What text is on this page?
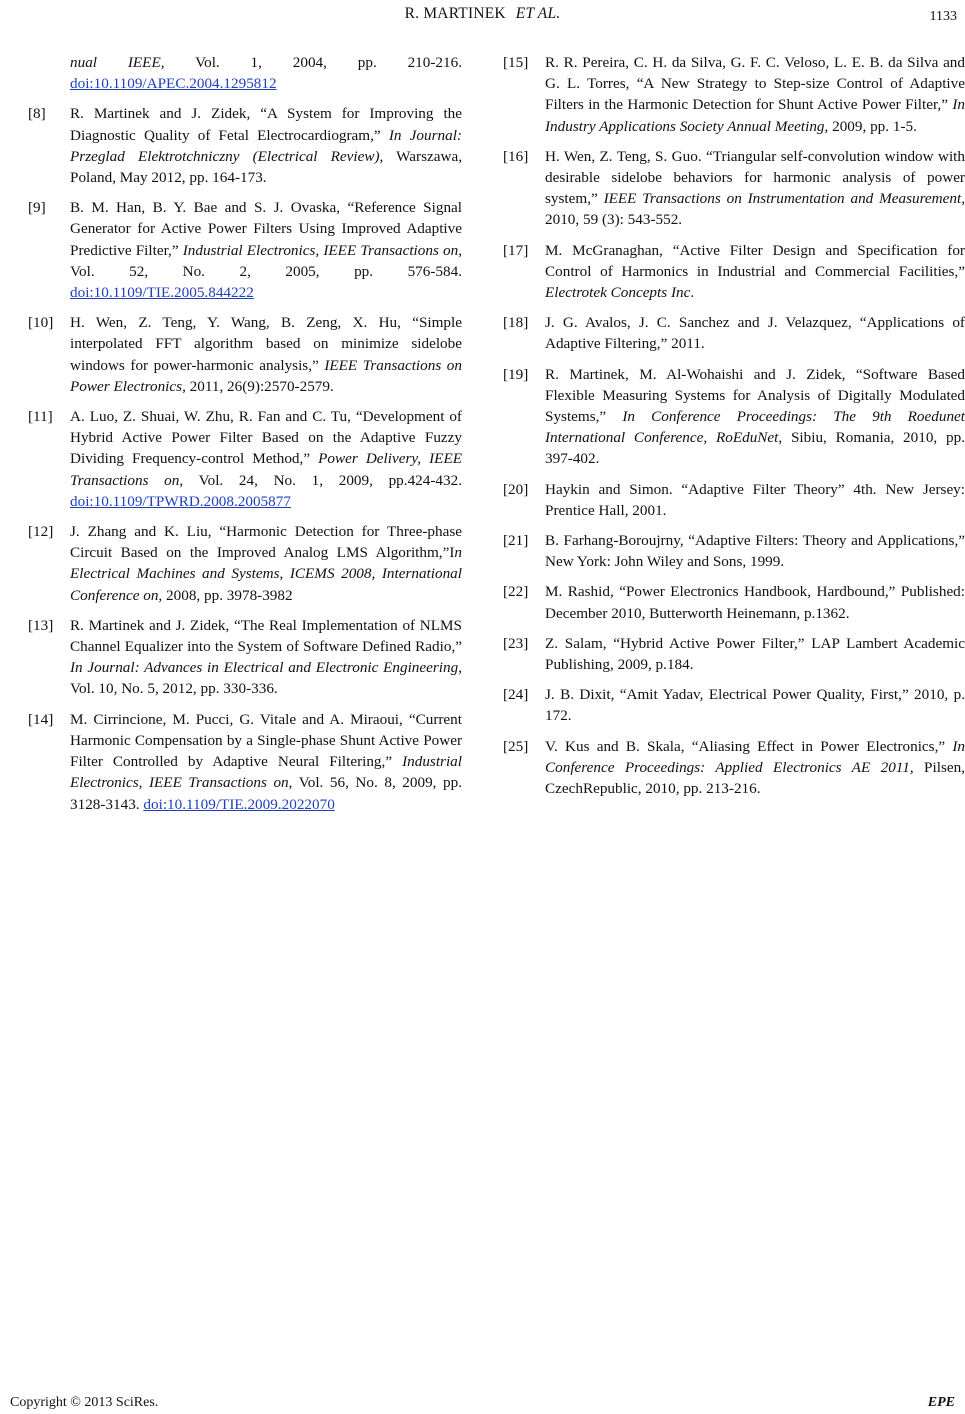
R. MARTINEK ET AL.	1133
nual IEEE, Vol. 1, 2004, pp. 210-216. doi:10.1109/APEC.2004.1295812
[8] R. Martinek and J. Zidek, “A System for Improving the Diagnostic Quality of Fetal Electrocardiogram,” In Journal: Przeglad Elektrotchniczny (Electrical Review), Warszawa, Poland, May 2012, pp. 164-173.
[9] B. M. Han, B. Y. Bae and S. J. Ovaska, “Reference Signal Generator for Active Power Filters Using Improved Adaptive Predictive Filter,” Industrial Electronics, IEEE Transactions on, Vol. 52, No. 2, 2005, pp. 576-584. doi:10.1109/TIE.2005.844222
[10] H. Wen, Z. Teng, Y. Wang, B. Zeng, X. Hu, “Simple interpolated FFT algorithm based on minimize sidelobe windows for power-harmonic analysis,” IEEE Transactions on Power Electronics, 2011, 26(9):2570-2579.
[11] A. Luo, Z. Shuai, W. Zhu, R. Fan and C. Tu, “Development of Hybrid Active Power Filter Based on the Adaptive Fuzzy Dividing Frequency-control Method,” Power Delivery, IEEE Transactions on, Vol. 24, No. 1, 2009, pp.424-432. doi:10.1109/TPWRD.2008.2005877
[12] J. Zhang and K. Liu, “Harmonic Detection for Three-phase Circuit Based on the Improved Analog LMS Algorithm,”In Electrical Machines and Systems, ICEMS 2008, International Conference on, 2008, pp. 3978-3982
[13] R. Martinek and J. Zidek, “The Real Implementation of NLMS Channel Equalizer into the System of Software Defined Radio,” In Journal: Advances in Electrical and Electronic Engineering, Vol. 10, No. 5, 2012, pp. 330-336.
[14] M. Cirrincione, M. Pucci, G. Vitale and A. Miraoui, “Current Harmonic Compensation by a Single-phase Shunt Active Power Filter Controlled by Adaptive Neural Filtering,” Industrial Electronics, IEEE Transactions on, Vol. 56, No. 8, 2009, pp. 3128-3143. doi:10.1109/TIE.2009.2022070
[15] R. R. Pereira, C. H. da Silva, G. F. C. Veloso, L. E. B. da Silva and G. L. Torres, “A New Strategy to Step-size Control of Adaptive Filters in the Harmonic Detection for Shunt Active Power Filter,” In Industry Applications Society Annual Meeting, 2009, pp. 1-5.
[16] H. Wen, Z. Teng, S. Guo. “Triangular self-convolution window with desirable sidelobe behaviors for harmonic analysis of power system,” IEEE Transactions on Instrumentation and Measurement, 2010, 59 (3): 543-552.
[17] M. McGranaghan, “Active Filter Design and Specification for Control of Harmonics in Industrial and Commercial Facilities,” Electrotek Concepts Inc.
[18] J. G. Avalos, J. C. Sanchez and J. Velazquez, “Applications of Adaptive Filtering,” 2011.
[19] R. Martinek, M. Al-Wohaishi and J. Zidek, “Software Based Flexible Measuring Systems for Analysis of Digitally Modulated Systems,” In Conference Proceedings: The 9th Roedunet International Conference, RoEduNet, Sibiu, Romania, 2010, pp. 397-402.
[20] Haykin and Simon. “Adaptive Filter Theory” 4th. New Jersey: Prentice Hall, 2001.
[21] B. Farhang-Boroujrny, “Adaptive Filters: Theory and Applications,” New York: John Wiley and Sons, 1999.
[22] M. Rashid, “Power Electronics Handbook, Hardbound,” Published: December 2010, Butterworth Heinemann, p.1362.
[23] Z. Salam, “Hybrid Active Power Filter,” LAP Lambert Academic Publishing, 2009, p.184.
[24] J. B. Dixit, “Amit Yadav, Electrical Power Quality, First,” 2010, p. 172.
[25] V. Kus and B. Skala, “Aliasing Effect in Power Electronics,” In Conference Proceedings: Applied Electronics AE 2011, Pilsen, CzechRepublic, 2010, pp. 213-216.
Copyright © 2013 SciRes.	EPE
